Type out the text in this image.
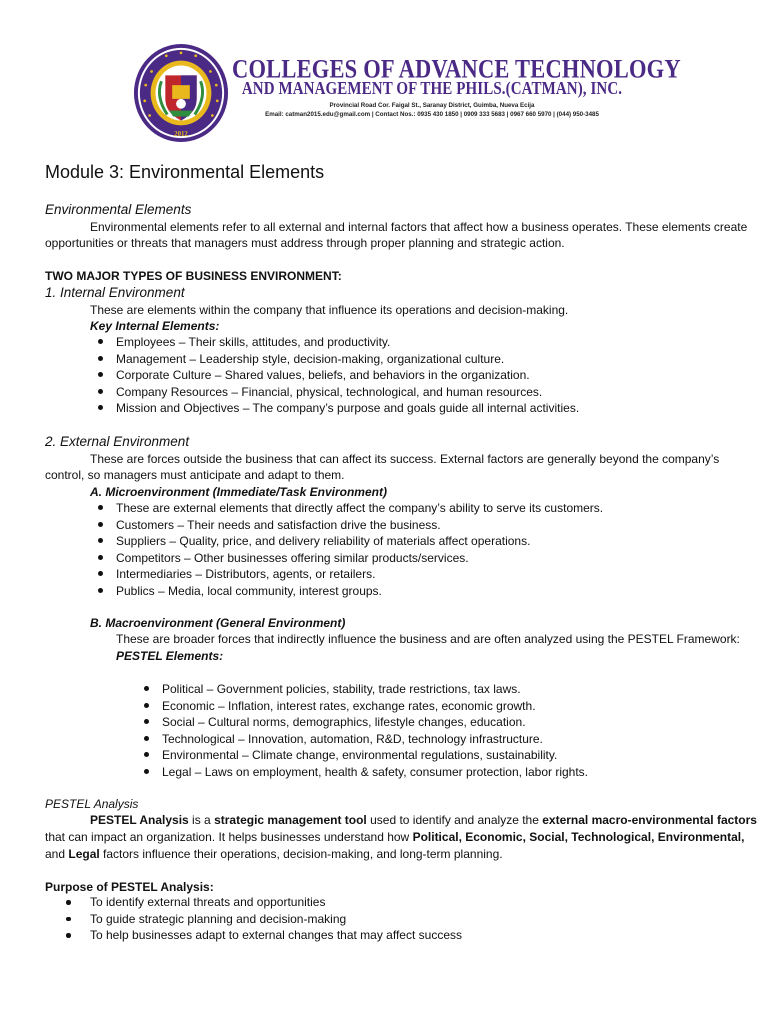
2012
COLLEGES OF ADVANCE TECHNOLOGY
AND MANAGEMENT OF THE PHILS.(CATMAN), INC.
Provincial Road Cor. Faigal St., Saranay District, Guimba, Nueva Ecija
Email: catman2015.edu@gmail.com | Contact Nos.: 0935 430 1850 | 0909 333 5683 | 0967 660 5970 | (044) 950-3485
Module 3: Environmental Elements
Environmental Elements
Environmental elements refer to all external and internal factors that affect how a business operates. These elements create
opportunities or threats that managers must address through proper planning and strategic action.
TWO MAJOR TYPES OF BUSINESS ENVIRONMENT:
1. Internal Environment
These are elements within the company that influence its operations and decision-making.
Key Internal Elements:
Employees – Their skills, attitudes, and productivity.
Management – Leadership style, decision-making, organizational culture.
Corporate Culture – Shared values, beliefs, and behaviors in the organization.
Company Resources – Financial, physical, technological, and human resources.
Mission and Objectives – The company’s purpose and goals guide all internal activities.
2. External Environment
These are forces outside the business that can affect its success. External factors are generally beyond the company’s
control, so managers must anticipate and adapt to them.
A. Microenvironment (Immediate/Task Environment)
These are external elements that directly affect the company’s ability to serve its customers.
Customers – Their needs and satisfaction drive the business.
Suppliers – Quality, price, and delivery reliability of materials affect operations.
Competitors – Other businesses offering similar products/services.
Intermediaries – Distributors, agents, or retailers.
Publics – Media, local community, interest groups.
B. Macroenvironment (General Environment)
These are broader forces that indirectly influence the business and are often analyzed using the PESTEL Framework:
PESTEL Elements:
Political – Government policies, stability, trade restrictions, tax laws.
Economic – Inflation, interest rates, exchange rates, economic growth.
Social – Cultural norms, demographics, lifestyle changes, education.
Technological – Innovation, automation, R&D, technology infrastructure.
Environmental – Climate change, environmental regulations, sustainability.
Legal – Laws on employment, health & safety, consumer protection, labor rights.
PESTEL Analysis
PESTEL Analysis is a strategic management tool used to identify and analyze the external macro-environmental factors
that can impact an organization. It helps businesses understand how Political, Economic, Social, Technological, Environmental,
and Legal factors influence their operations, decision-making, and long-term planning.
Purpose of PESTEL Analysis:
To identify external threats and opportunities
To guide strategic planning and decision-making
To help businesses adapt to external changes that may affect success
